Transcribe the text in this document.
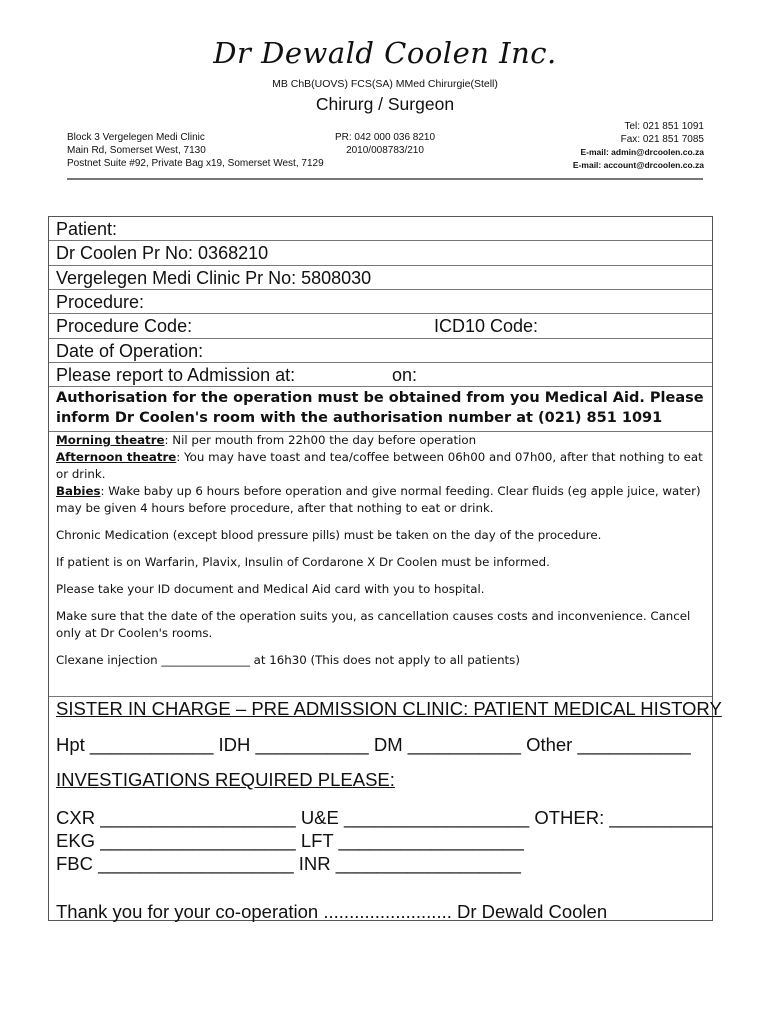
Dr Dewald Coolen Inc.
MB ChB(UOVS) FCS(SA) MMed Chirurgie(Stell)
Chirurg / Surgeon
Block 3 Vergelegen Medi Clinic
Main Rd, Somerset West, 7130
Postnet Suite #92, Private Bag x19, Somerset West, 7129
PR: 042 000 036 8210
2010/008783/210
Tel: 021 851 1091
Fax: 021 851 7085
E-mail: admin@drcoolen.co.za
E-mail: account@drcoolen.co.za
Patient:
Dr Coolen Pr No: 0368210
Vergelegen Medi Clinic Pr No: 5808030
Procedure:
Procedure Code:	ICD10 Code:
Date of Operation:
Please report to Admission at:	on:
Authorisation for the operation must be obtained from you Medical Aid. Please inform Dr Coolen's room with the authorisation number at (021) 851 1091

Morning theatre: Nil per mouth from 22h00 the day before operation

Afternoon theatre: You may have toast and tea/coffee between 06h00 and 07h00, after that nothing to eat or drink.

Babies: Wake baby up 6 hours before operation and give normal feeding. Clear fluids (eg apple juice, water) may be given 4 hours before procedure, after that nothing to eat or drink.

Chronic Medication (except blood pressure pills) must be taken on the day of the procedure.

If patient is on Warfarin, Plavix, Insulin of Cordarone X Dr Coolen must be informed.

Please take your ID document and Medical Aid card with you to hospital.

Make sure that the date of the operation suits you, as cancellation causes costs and inconvenience. Cancel only at Dr Coolen's rooms.

Clexane injection _______________ at 16h30 (This does not apply to all patients)

SISTER IN CHARGE – PRE ADMISSION CLINIC: PATIENT MEDICAL HISTORY
Hpt ____________ IDH ___________ DM ___________ Other ___________
INVESTIGATIONS REQUIRED PLEASE:
CXR ___________________ U&E __________________ OTHER: __________
EKG ___________________ LFT __________________
FBC ___________________ INR __________________
Thank you for your co-operation ......................... Dr Dewald Coolen
